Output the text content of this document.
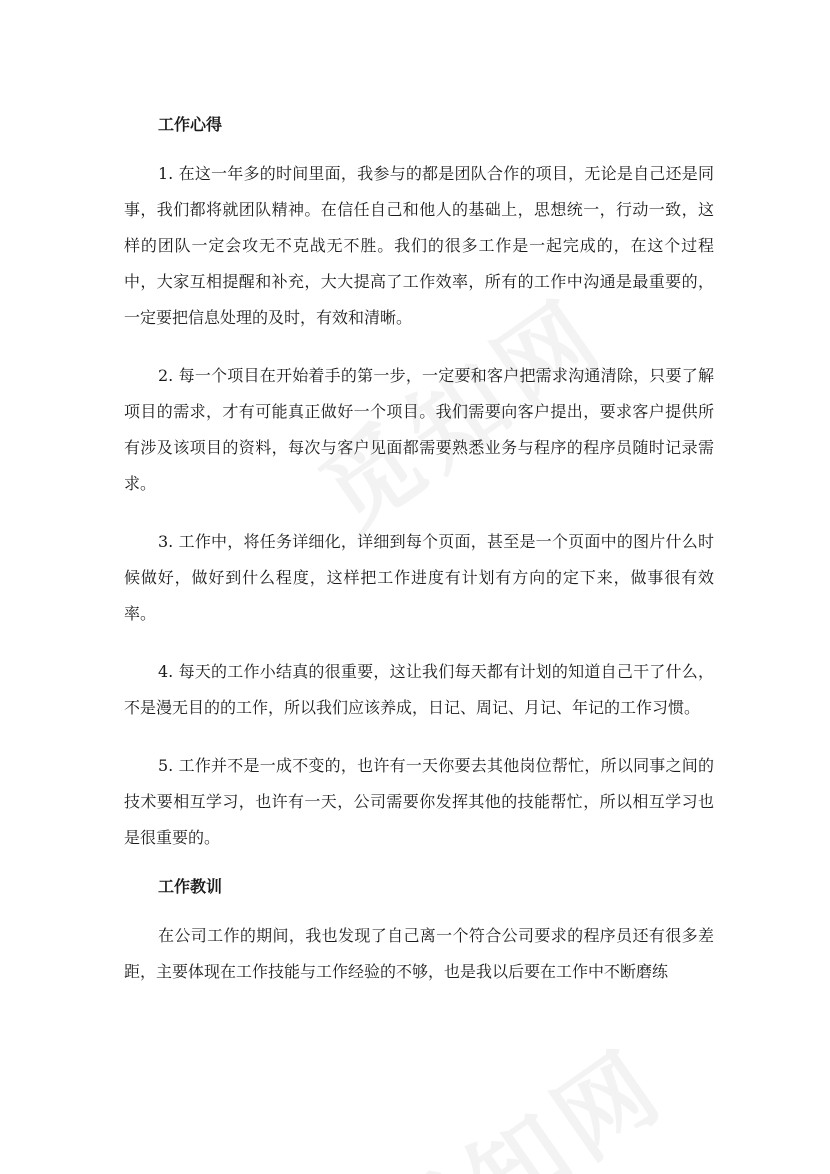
工作心得

1. 在这一年多的时间里面，我参与的都是团队合作的项目，无论是自己还是同事，我们都将就团队精神。在信任自己和他人的基础上，思想统一，行动一致，这样的团队一定会攻无不克战无不胜。我们的很多工作是一起完成的，在这个过程中，大家互相提醒和补充，大大提高了工作效率，所有的工作中沟通是最重要的，一定要把信息处理的及时，有效和清晰。

2. 每一个项目在开始着手的第一步，一定要和客户把需求沟通清除，只要了解项目的需求，才有可能真正做好一个项目。我们需要向客户提出，要求客户提供所有涉及该项目的资料，每次与客户见面都需要熟悉业务与程序的程序员随时记录需求。

3. 工作中，将任务详细化，详细到每个页面，甚至是一个页面中的图片什么时候做好，做好到什么程度，这样把工作进度有计划有方向的定下来，做事很有效率。

4. 每天的工作小结真的很重要，这让我们每天都有计划的知道自己干了什么，不是漫无目的的工作，所以我们应该养成，日记、周记、月记、年记的工作习惯。

5. 工作并不是一成不变的，也许有一天你要去其他岗位帮忙，所以同事之间的技术要相互学习，也许有一天，公司需要你发挥其他的技能帮忙，所以相互学习也是很重要的。

工作教训

在公司工作的期间，我也发现了自己离一个符合公司要求的程序员还有很多差距，主要体现在工作技能与工作经验的不够，也是我以后要在工作中不断磨练
